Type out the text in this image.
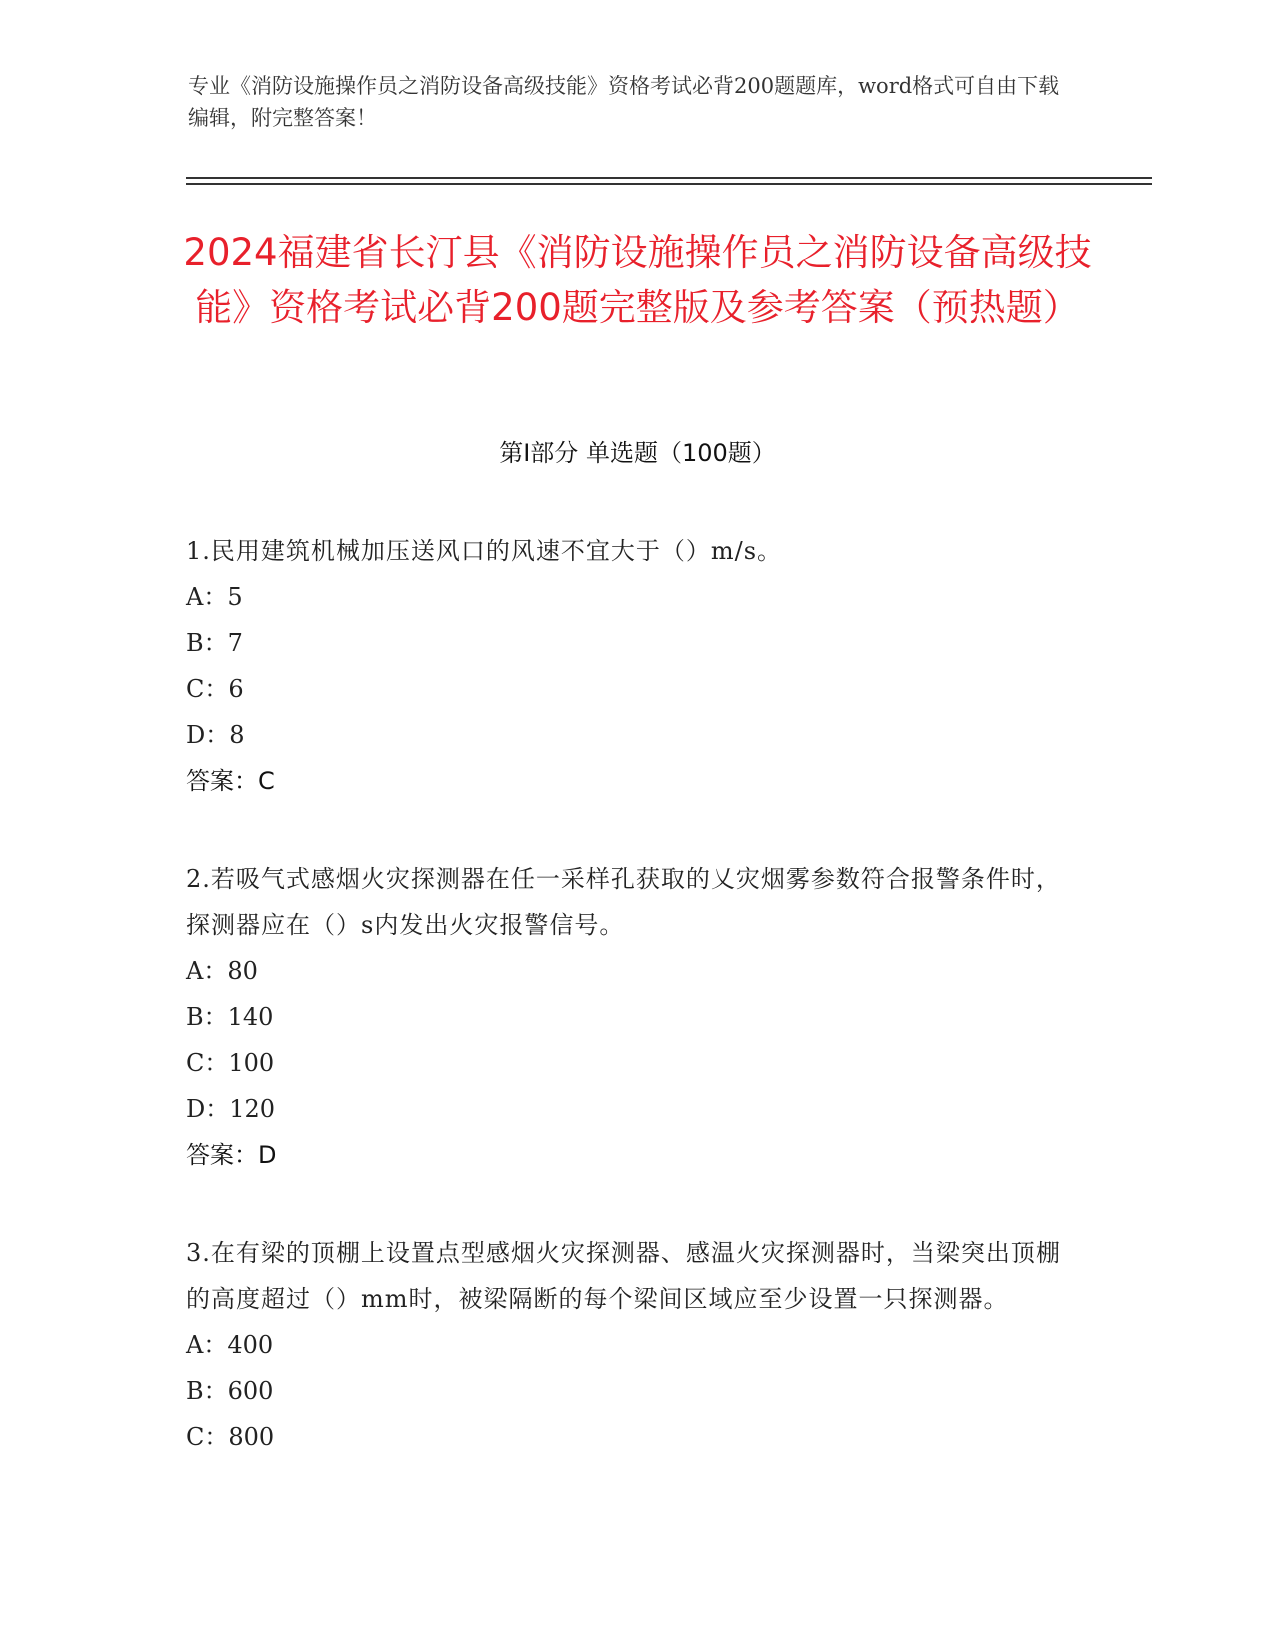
专业《消防设施操作员之消防设备高级技能》资格考试必背200题题库，word格式可自由下载编辑，附完整答案！
2024福建省长汀县《消防设施操作员之消防设备高级技能》资格考试必背200题完整版及参考答案（预热题）
第Ⅰ部分 单选题（100题）
1.民用建筑机械加压送风口的风速不宜大于（）m/s。
A：5
B：7
C：6
D：8
答案：C
2.若吸气式感烟火灾探测器在任一采样孔获取的乂灾烟雾参数符合报警条件时，探测器应在（）s内发出火灾报警信号。
A：80
B：140
C：100
D：120
答案：D
3.在有梁的顶棚上设置点型感烟火灾探测器、感温火灾探测器时，当梁突出顶棚的高度超过（）mm时，被梁隔断的每个梁间区域应至少设置一只探测器。
A：400
B：600
C：800
